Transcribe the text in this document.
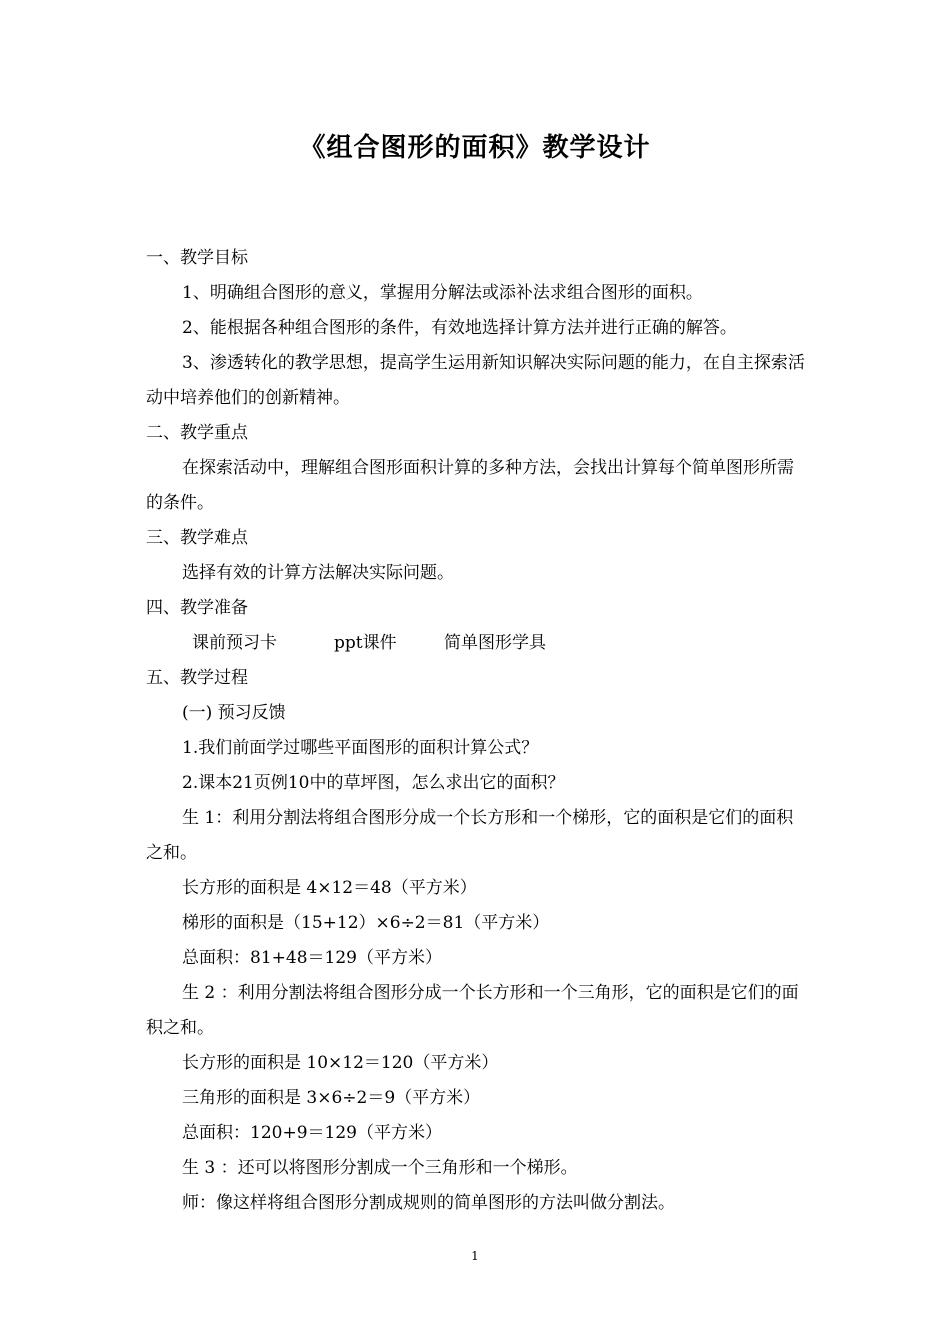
《组合图形的面积》教学设计

一、教学目标

1、明确组合图形的意义，掌握用分解法或添补法求组合图形的面积。

2、能根据各种组合图形的条件，有效地选择计算方法并进行正确的解答。

3、渗透转化的教学思想，提高学生运用新知识解决实际问题的能力，在自主探索活动中培养他们的创新精神。

二、教学重点

在探索活动中，理解组合图形面积计算的多种方法，会找出计算每个简单图形所需的条件。

三、教学难点

选择有效的计算方法解决实际问题。

四、教学准备

课前预习卡	ppt课件	简单图形学具

五、教学过程

(一) 预习反馈

1.我们前面学过哪些平面图形的面积计算公式？

2.课本21页例10中的草坪图，怎么求出它的面积？

生 1：利用分割法将组合图形分成一个长方形和一个梯形，它的面积是它们的面积之和。

长方形的面积是 4×12＝48（平方米）

梯形的面积是（15+12）×6÷2＝81（平方米）

总面积：81+48＝129（平方米）

生 2 ：利用分割法将组合图形分成一个长方形和一个三角形，它的面积是它们的面积之和。

长方形的面积是 10×12＝120（平方米）

三角形的面积是 3×6÷2＝9（平方米）

总面积：120+9＝129（平方米）

生 3 ：还可以将图形分割成一个三角形和一个梯形。

师：像这样将组合图形分割成规则的简单图形的方法叫做分割法。

1
